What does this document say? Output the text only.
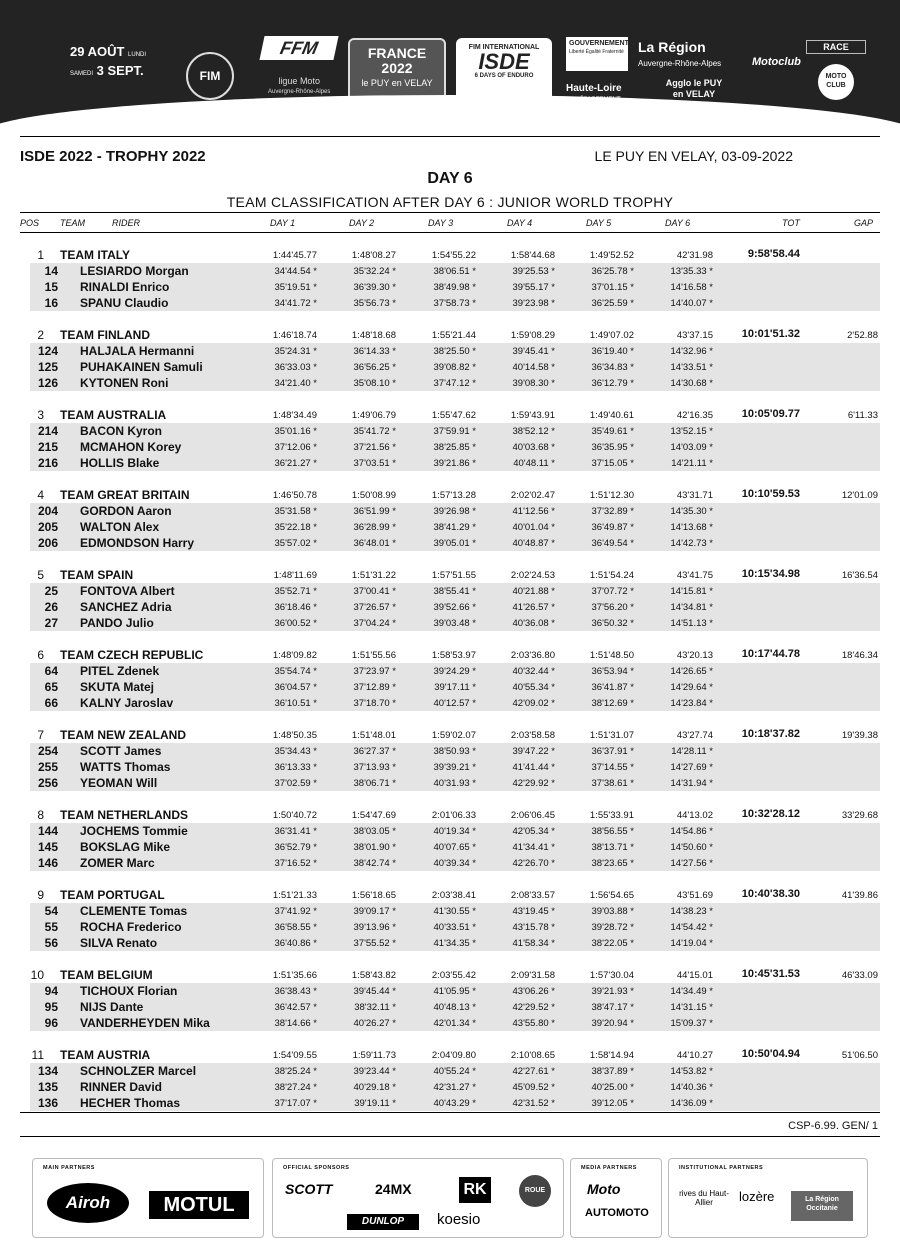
29 AOÛT LUNDI
SAMEDI 3 SEPT.	FIM
FFM
ligue Moto
Auvergne-Rhône-Alpes
FRANCE
2022
le PUY en VELAY
FIM INTERNATIONAL
ISDE
6 DAYS OF ENDURO
GOUVERNEMENT
Liberté Égalité Fraternité La Région
Auvergne-Rhône-Alpes
Haute-Loire	Agglo le PUY en VELAY
RACE
Motoclub
MOTO CLUB
ISDE 2022 - TROPHY 2022	LE PUY EN VELAY, 03-09-2022
DAY 6
TEAM CLASSIFICATION AFTER DAY 6 : JUNIOR WORLD TROPHY
POS TEAM	RIDER	DAY 1	DAY 2	DAY 3	DAY 4	DAY 5	DAY 6	TOT	GAP
1 TEAM ITALY	1:44'45.77	1:48'08.27	1:54'55.22	1:58'44.68	1:49'52.52	42'31.98	9:58'58.44
14 LESIARDO Morgan	34'44.54 *	35'32.24 *	38'06.51 *	39'25.53 *	36'25.78 *	13'35.33 *
15 RINALDI Enrico	35'19.51 *	36'39.30 *	38'49.98 *	39'55.17 *	37'01.15 *	14'16.58 *
16 SPANU Claudio	34'41.72 *	35'56.73 *	37'58.73 *	39'23.98 *	36'25.59 *	14'40.07 *
2 TEAM FINLAND	1:46'18.74	1:48'18.68	1:55'21.44	1:59'08.29	1:49'07.02	43'37.15	10:01'51.32	2'52.88
124 HALJALA Hermanni	35'24.31 *	36'14.33 *	38'25.50 *	39'45.41 *	36'19.40 *	14'32.96 *
125 PUHAKAINEN Samuli	36'33.03 *	36'56.25 *	39'08.82 *	40'14.58 *	36'34.83 *	14'33.51 *
126 KYTONEN Roni	34'21.40 *	35'08.10 *	37'47.12 *	39'08.30 *	36'12.79 *	14'30.68 *
3 TEAM AUSTRALIA	1:48'34.49	1:49'06.79	1:55'47.62	1:59'43.91	1:49'40.61	42'16.35	10:05'09.77	6'11.33
214 BACON Kyron	35'01.16 *	35'41.72 *	37'59.91 *	38'52.12 *	35'49.61 *	13'52.15 *
215 MCMAHON Korey	37'12.06 *	37'21.56 *	38'25.85 *	40'03.68 *	36'35.95 *	14'03.09 *
216 HOLLIS Blake	36'21.27 *	37'03.51 *	39'21.86 *	40'48.11 *	37'15.05 *	14'21.11 *
4 TEAM GREAT BRITAIN	1:46'50.78	1:50'08.99	1:57'13.28	2:02'02.47	1:51'12.30	43'31.71	10:10'59.53	12'01.09
204 GORDON Aaron	35'31.58 *	36'51.99 *	39'26.98 *	41'12.56 *	37'32.89 *	14'35.30 *
205 WALTON Alex	35'22.18 *	36'28.99 *	38'41.29 *	40'01.04 *	36'49.87 *	14'13.68 *
206 EDMONDSON Harry	35'57.02 *	36'48.01 *	39'05.01 *	40'48.87 *	36'49.54 *	14'42.73 *
5 TEAM SPAIN	1:48'11.69	1:51'31.22	1:57'51.55	2:02'24.53	1:51'54.24	43'41.75	10:15'34.98	16'36.54
25 FONTOVA Albert	35'52.71 *	37'00.41 *	38'55.41 *	40'21.88 *	37'07.72 *	14'15.81 *
26 SANCHEZ Adria	36'18.46 *	37'26.57 *	39'52.66 *	41'26.57 *	37'56.20 *	14'34.81 *
27 PANDO Julio	36'00.52 *	37'04.24 *	39'03.48 *	40'36.08 *	36'50.32 *	14'51.13 *
6 TEAM CZECH REPUBLIC	1:48'09.82	1:51'55.56	1:58'53.97	2:03'36.80	1:51'48.50	43'20.13	10:17'44.78	18'46.34
64 PITEL Zdenek	35'54.74 *	37'23.97 *	39'24.29 *	40'32.44 *	36'53.94 *	14'26.65 *
65 SKUTA Matej	36'04.57 *	37'12.89 *	39'17.11 *	40'55.34 *	36'41.87 *	14'29.64 *
66 KALNY Jaroslav	36'10.51 *	37'18.70 *	40'12.57 *	42'09.02 *	38'12.69 *	14'23.84 *
7 TEAM NEW ZEALAND	1:48'50.35	1:51'48.01	1:59'02.07	2:03'58.58	1:51'31.07	43'27.74	10:18'37.82	19'39.38
254 SCOTT James	35'34.43 *	36'27.37 *	38'50.93 *	39'47.22 *	36'37.91 *	14'28.11 *
255 WATTS Thomas	36'13.33 *	37'13.93 *	39'39.21 *	41'41.44 *	37'14.55 *	14'27.69 *
256 YEOMAN Will	37'02.59 *	38'06.71 *	40'31.93 *	42'29.92 *	37'38.61 *	14'31.94 *
8 TEAM NETHERLANDS	1:50'40.72	1:54'47.69	2:01'06.33	2:06'06.45	1:55'33.91	44'13.02	10:32'28.12	33'29.68
144 JOCHEMS Tommie	36'31.41 *	38'03.05 *	40'19.34 *	42'05.34 *	38'56.55 *	14'54.86 *
145 BOKSLAG Mike	36'52.79 *	38'01.90 *	40'07.65 *	41'34.41 *	38'13.71 *	14'50.60 *
146 ZOMER Marc	37'16.52 *	38'42.74 *	40'39.34 *	42'26.70 *	38'23.65 *	14'27.56 *
9 TEAM PORTUGAL	1:51'21.33	1:56'18.65	2:03'38.41	2:08'33.57	1:56'54.65	43'51.69	10:40'38.30	41'39.86
54 CLEMENTE Tomas	37'41.92 *	39'09.17 *	41'30.55 *	43'19.45 *	39'03.88 *	14'38.23 *
55 ROCHA Frederico	36'58.55 *	39'13.96 *	40'33.51 *	43'15.78 *	39'28.72 *	14'54.42 *
56 SILVA Renato	36'40.86 *	37'55.52 *	41'34.35 *	41'58.34 *	38'22.05 *	14'19.04 *
10 TEAM BELGIUM	1:51'35.66	1:58'43.82	2:03'55.42	2:09'31.58	1:57'30.04	44'15.01	10:45'31.53	46'33.09
94 TICHOUX Florian	36'38.43 *	39'45.44 *	41'05.95 *	43'06.26 *	39'21.93 *	14'34.49 *
95 NIJS Dante	36'42.57 *	38'32.11 *	40'48.13 *	42'29.52 *	38'47.17 *	14'31.15 *
96 VANDERHEYDEN Mika	38'14.66 *	40'26.27 *	42'01.34 *	43'55.80 *	39'20.94 *	15'09.37 *
11 TEAM AUSTRIA	1:54'09.55	1:59'11.73	2:04'09.80	2:10'08.65	1:58'14.94	44'10.27	10:50'04.94	51'06.50
134 SCHNOLZER Marcel	38'25.24 *	39'23.44 *	40'55.24 *	42'27.61 *	38'37.89 *	14'53.82 *
135 RINNER David	38'27.24 *	40'29.18 *	42'31.27 *	45'09.52 *	40'25.00 *	14'40.36 *
136 HECHER Thomas	37'17.07 *	39'19.11 *	40'43.29 *	42'31.52 *	39'12.05 *	14'36.09 *
CSP-6.99. GEN/ 1
MAIN PARTNERS
Airoh	MOTUL
OFFICIAL SPONSORS
SCOTT	24MX	RK	ROUE
DUNLOP	koesio
MEDIA PARTNERS
Moto
AUTOMOTO
INSTITUTIONAL PARTNERS
rives du Haut-Allier	lozère	La Région Occitanie
